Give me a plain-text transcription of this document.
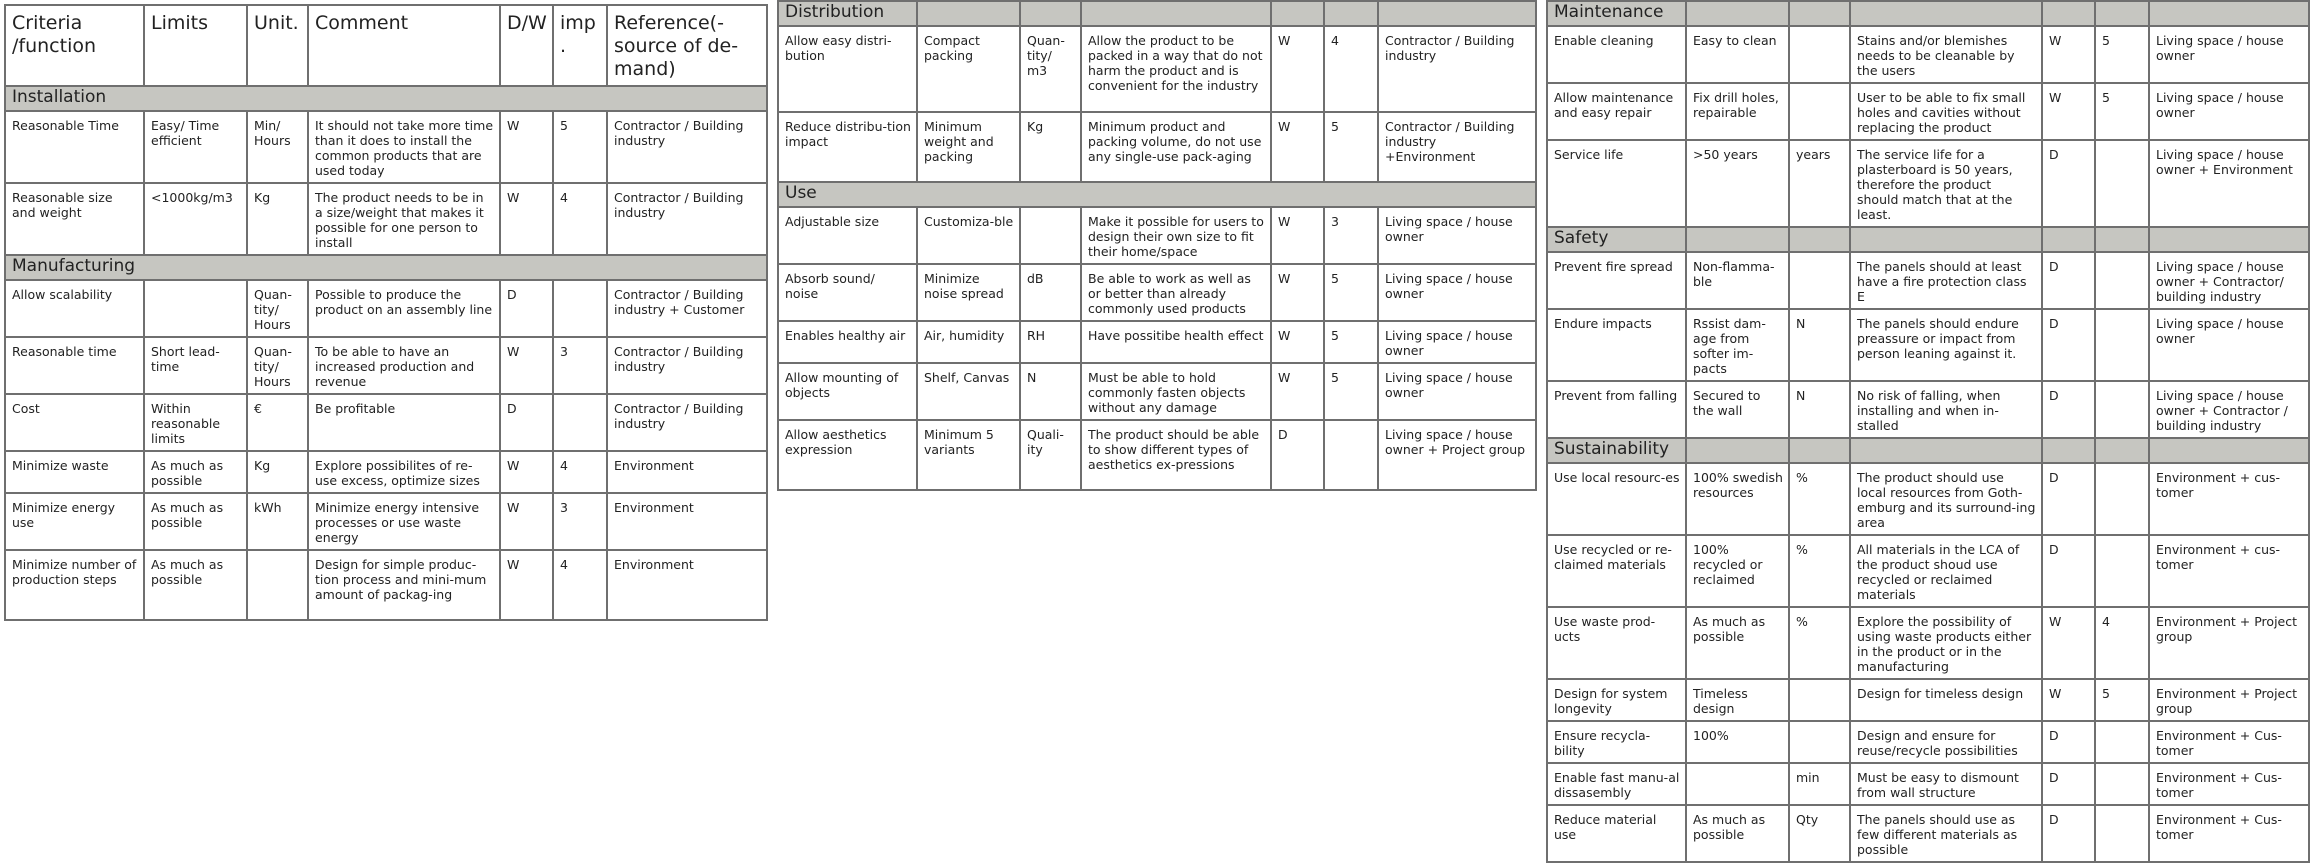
Criteria /function	Limits	Unit.	Comment	D/W	imp.	Reference(-source of de-mand)
Installation						
Reasonable Time	Easy/ Time efficient	Min/ Hours	It should not take more time than it does to install the common products that are used today	W	5	Contractor / Building industry
Reasonable size and weight	<1000kg/m3	Kg	The product needs to be in a size/weight that makes it possible for one person to install	W	4	Contractor / Building industry
Manufacturing						
Allow scalability		Quan-tity/ Hours	Possible to produce the product on an assembly line	D		Contractor / Building industry + Customer
Reasonable time	Short lead-time	Quan-tity/ Hours	To be able to have an increased production and revenue	W	3	Contractor / Building industry
Cost	Within reasonable limits	€	Be profitable	D		Contractor / Building industry
Minimize waste	As much as possible	Kg	Explore possibilites of re-use excess, optimize sizes	W	4	Environment
Minimize energy use	As much as possible	kWh	Minimize energy intensive processes or use waste energy	W	3	Environment
Minimize number of production steps	As much as possible		Design for simple produc-tion process and mini-mum amount of packag-ing	W	4	Environment
Distribution						
Allow easy distri-bution	Compact packing	Quan-tity/ m3	Allow the product to be packed in a way that do not harm the product and is convenient for the industry	W	4	Contractor / Building industry
Reduce distribu-tion impact	Minimum weight and packing	Kg	Minimum product and packing volume, do not use any single-use pack-aging	W	5	Contractor / Building industry +Environment
Use						
Adjustable size	Customiza-ble		Make it possible for users to design their own size to fit their home/space	W	3	Living space / house owner
Absorb sound/ noise	Minimize noise spread	dB	Be able to work as well as or better than already commonly used products	W	5	Living space / house owner
Enables healthy air	Air, humidity	RH	Have possitibe health effect	W	5	Living space / house owner
Allow mounting of objects	Shelf, Canvas	N	Must be able to hold commonly fasten objects without any damage	W	5	Living space / house owner
Allow aesthetics expression	Minimum 5 variants	Quali-ity	The product should be able to show different types of aesthetics ex-pressions	D		Living space / house owner + Project group
Maintenance						
Enable cleaning	Easy to clean		Stains and/or blemishes needs to be cleanable by the users	W	5	Living space / house owner
Allow maintenance and easy repair	Fix drill holes, repairable		User to be able to fix small holes and cavities without replacing the product	W	5	Living space / house owner
Service life	>50 years	years	The service life for a plasterboard is 50 years, therefore the product should match that at the least.	D		Living space / house owner + Environment
Safety						
Prevent fire spread	Non-flamma-ble		The panels should at least have a fire protection class E	D		Living space / house owner + Contractor/ building industry
Endure impacts	Rssist dam-age from softer im-pacts	N	The panels should endure preassure or impact from person leaning against it.	D		Living space / house owner
Prevent from falling	Secured to the wall	N	No risk of falling, when installing and when in-stalled	D		Living space / house owner + Contractor / building industry
Sustainability						
Use local resourc-es	100% swedish resources	%	The product should use local resources from Goth-emburg and its surround-ing area	D		Environment + cus-tomer
Use recycled or re-claimed materials	100% recycled or reclaimed	%	All materials in the LCA of the product shoud use recycled or reclaimed materials	D		Environment + cus-tomer
Use waste prod-ucts	As much as possible	%	Explore the possibility of using waste products either in the product or in the manufacturing	W	4	Environment + Project group
Design for system longevity	Timeless design		Design for timeless design	W	5	Environment + Project group
Ensure recycla-bility	100%		Design and ensure for reuse/recycle possibilities	D		Environment + Cus-tomer
Enable fast manu-al dissasembly		min	Must be easy to dismount from wall structure	D		Environment + Cus-tomer
Reduce material use	As much as possible	Qty	The panels should use as few different materials as possible	D		Environment + Cus-tomer
